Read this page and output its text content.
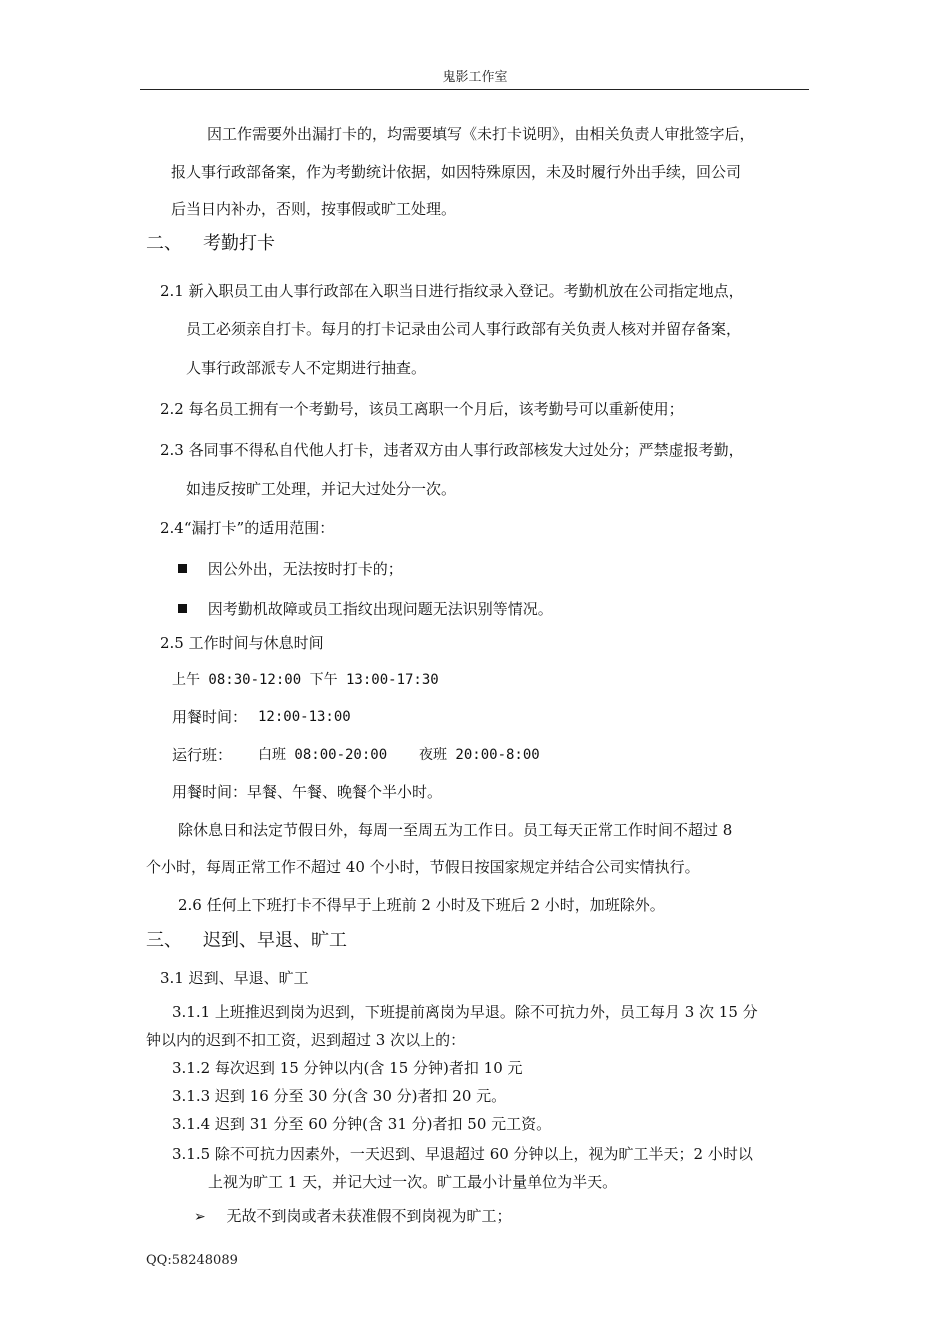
鬼影工作室
因工作需要外出漏打卡的，均需要填写《未打卡说明》，由相关负责人审批签字后，
报人事行政部备案，作为考勤统计依据，如因特殊原因，未及时履行外出手续，回公司
后当日内补办，否则，按事假或旷工处理。
二、 考勤打卡
2.1 新入职员工由人事行政部在入职当日进行指纹录入登记。考勤机放在公司指定地点，
员工必须亲自打卡。每月的打卡记录由公司人事行政部有关负责人核对并留存备案，
人事行政部派专人不定期进行抽查。
2.2 每名员工拥有一个考勤号，该员工离职一个月后，该考勤号可以重新使用；
2.3 各同事不得私自代他人打卡，违者双方由人事行政部核发大过处分；严禁虚报考勤，
如违反按旷工处理，并记大过处分一次。
2.4“漏打卡”的适用范围：
因公外出，无法按时打卡的；
因考勤机故障或员工指纹出现问题无法识别等情况。
2.5 工作时间与休息时间
上午 08:30-12:00 下午 13:00-17:30
用餐时间： 12:00-13:00
运行班： 白班 08:00-20:00 夜班 20:00-8:00
用餐时间：早餐、午餐、晚餐个半小时。
除休息日和法定节假日外，每周一至周五为工作日。员工每天正常工作时间不超过 8
个小时，每周正常工作不超过 40 个小时，节假日按国家规定并结合公司实情执行。
2.6 任何上下班打卡不得早于上班前 2 小时及下班后 2 小时，加班除外。
三、 迟到、早退、旷工
3.1 迟到、早退、旷工
3.1.1 上班推迟到岗为迟到，下班提前离岗为早退。除不可抗力外，员工每月 3 次 15 分
钟以内的迟到不扣工资，迟到超过 3 次以上的：
3.1.2 每次迟到 15 分钟以内(含 15 分钟)者扣 10 元
3.1.3 迟到 16 分至 30 分(含 30 分)者扣 20 元。
3.1.4 迟到 31 分至 60 分钟(含 31 分)者扣 50 元工资。
3.1.5 除不可抗力因素外，一天迟到、早退超过 60 分钟以上，视为旷工半天；2 小时以
上视为旷工 1 天，并记大过一次。旷工最小计量单位为半天。
➢ 无故不到岗或者未获准假不到岗视为旷工；
QQ:58248089
